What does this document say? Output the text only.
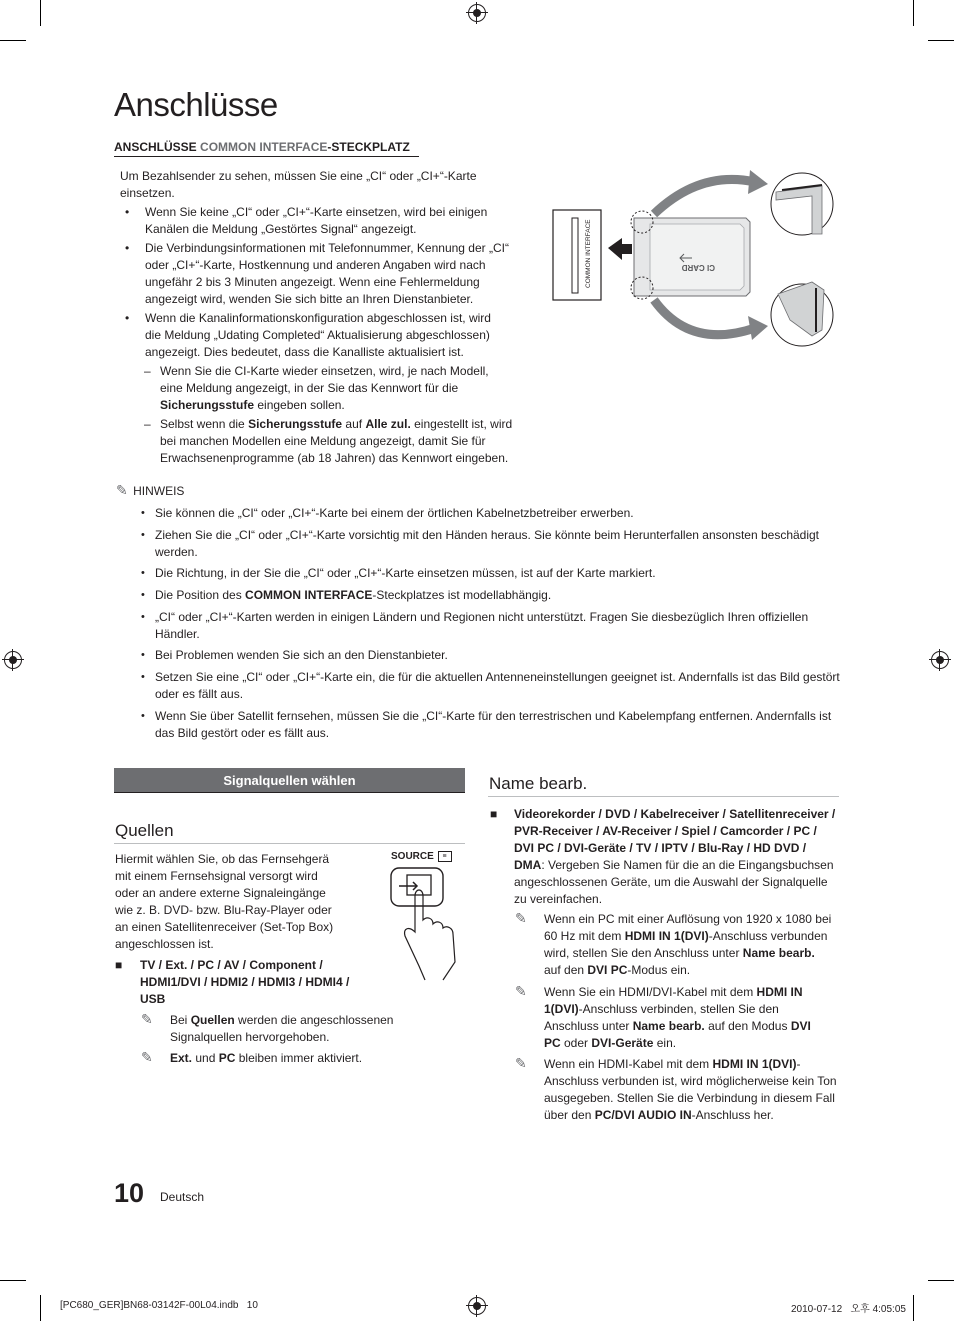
Anschlüsse
ANSCHLÜSSE COMMON INTERFACE-STECKPLATZ
Um Bezahlsender zu sehen, müssen Sie eine „CI“ oder „CI+“-Karte einsetzen.
• Wenn Sie keine „CI“ oder „CI+“-Karte einsetzen, wird bei einigen Kanälen die Meldung „Gestörtes Signal“ angezeigt.
• Die Verbindungsinformationen mit Telefonnummer, Kennung der „CI“ oder „CI+“-Karte, Hostkennung und anderen Angaben wird nach ungefähr 2 bis 3 Minuten angezeigt. Wenn eine Fehlermeldung angezeigt wird, wenden Sie sich bitte an Ihren Dienstanbieter.
• Wenn die Kanalinformationskonfiguration abgeschlossen ist, wird die Meldung „Udating Completed“ Aktualisierung abgeschlossen) angezeigt. Dies bedeutet, dass die Kanalliste aktualisiert ist.
– Wenn Sie die CI-Karte wieder einsetzen, wird, je nach Modell, eine Meldung angezeigt, in der Sie das Kennwort für die Sicherungsstufe eingeben sollen.
– Selbst wenn die Sicherungsstufe auf Alle zul. eingestellt ist, wird bei manchen Modellen eine Meldung angezeigt, damit Sie für Erwachsenenprogramme (ab 18 Jahren) das Kennwort eingeben.
COMMON INTERFACE	CI CARD
✎ HINWEIS
• Sie können die „CI“ oder „CI+“-Karte bei einem der örtlichen Kabelnetzbetreiber erwerben.
• Ziehen Sie die „CI“ oder „CI+“-Karte vorsichtig mit den Händen heraus. Sie könnte beim Herunterfallen ansonsten beschädigt werden.
• Die Richtung, in der Sie die „CI“ oder „CI+“-Karte einsetzen müssen, ist auf der Karte markiert.
• Die Position des COMMON INTERFACE-Steckplatzes ist modellabhängig.
• „CI“ oder „CI+“-Karten werden in einigen Ländern und Regionen nicht unterstützt. Fragen Sie diesbezüglich Ihren offiziellen Händler.
• Bei Problemen wenden Sie sich an den Dienstanbieter.
• Setzen Sie eine „CI“ oder „CI+“-Karte ein, die für die aktuellen Antenneneinstellungen geeignet ist. Andernfalls ist das Bild gestört oder es fällt aus.
• Wenn Sie über Satellit fernsehen, müssen Sie die „CI“-Karte für den terrestrischen und Kabelempfang entfernen. Andernfalls ist das Bild gestört oder es fällt aus.
Signalquellen wählen
Quellen
Hiermit wählen Sie, ob das Fernsehgerä mit einem Fernsehsignal versorgt wird oder an andere externe Signaleingänge wie z. B. DVD- bzw. Blu-Ray-Player oder an einen Satellitenreceiver (Set-Top Box) angeschlossen ist.
SOURCE ≡
■ TV / Ext. / PC / AV / Component / HDMI1/DVI / HDMI2 / HDMI3 / HDMI4 / USB
✎ Bei Quellen werden die angeschlossenen Signalquellen hervorgehoben.
✎ Ext. und PC bleiben immer aktiviert.
Name bearb.
■ Videorekorder / DVD / Kabelreceiver / Satellitenreceiver / PVR-Receiver / AV-Receiver / Spiel / Camcorder / PC / DVI PC / DVI-Geräte / TV / IPTV / Blu-Ray / HD DVD / DMA: Vergeben Sie Namen für die an die Eingangsbuchsen angeschlossenen Geräte, um die Auswahl der Signalquelle zu vereinfachen.
✎ Wenn ein PC mit einer Auflösung von 1920 x 1080 bei 60 Hz mit dem HDMI IN 1(DVI)-Anschluss verbunden wird, stellen Sie den Anschluss unter Name bearb. auf den DVI PC-Modus ein.
✎ Wenn Sie ein HDMI/DVI-Kabel mit dem HDMI IN 1(DVI)-Anschluss verbinden, stellen Sie den Anschluss unter Name bearb. auf den Modus DVI PC oder DVI-Geräte ein.
✎ Wenn ein HDMI-Kabel mit dem HDMI IN 1(DVI)-Anschluss verbunden ist, wird möglicherweise kein Ton ausgegeben. Stellen Sie die Verbindung in diesem Fall über den PC/DVI AUDIO IN-Anschluss her.
10 Deutsch
[PC680_GER]BN68-03142F-00L04.indb   10	2010-07-12   오후 4:05:05
